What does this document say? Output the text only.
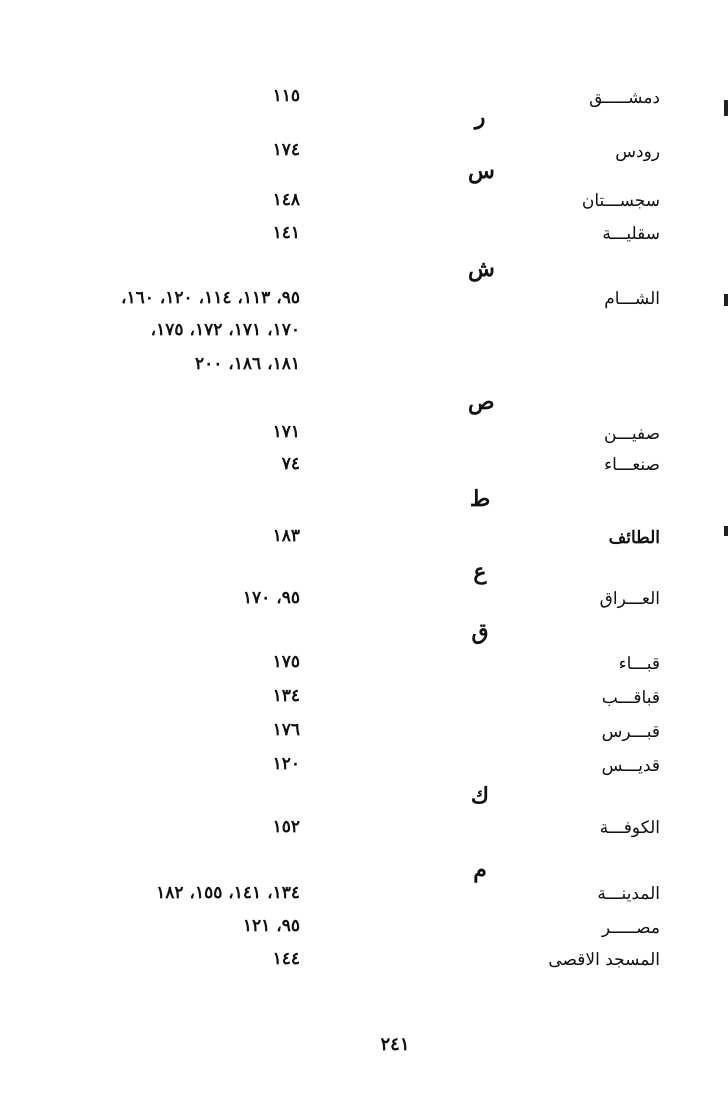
دمشـــــق
١١٥
ر
رودس
١٧٤
س
سجســـتان
١٤٨
سقليـــة
١٤١
ش
الشـــام
٩٥، ١١٣، ١١٤، ١٢٠، ١٦٠،
١٧٠، ١٧١، ١٧٢، ١٧٥،
١٨١، ١٨٦، ٢٠٠
ص
صفيـــن
١٧١
صنعـــاء
٧٤
ط
الطائف
١٨٣
ع
العـــراق
٩٥، ١٧٠
ق
قبـــاء
١٧٥
قباقـــب
١٣٤
قبـــرس
١٧٦
قديـــس
١٢٠
ك
الكوفـــة
١٥٢
م
المدينـــة
١٣٤، ١٤١، ١٥٥، ١٨٢
مصـــــر
٩٥، ١٢١
المسجد الاقصى
١٤٤
٢٤١
